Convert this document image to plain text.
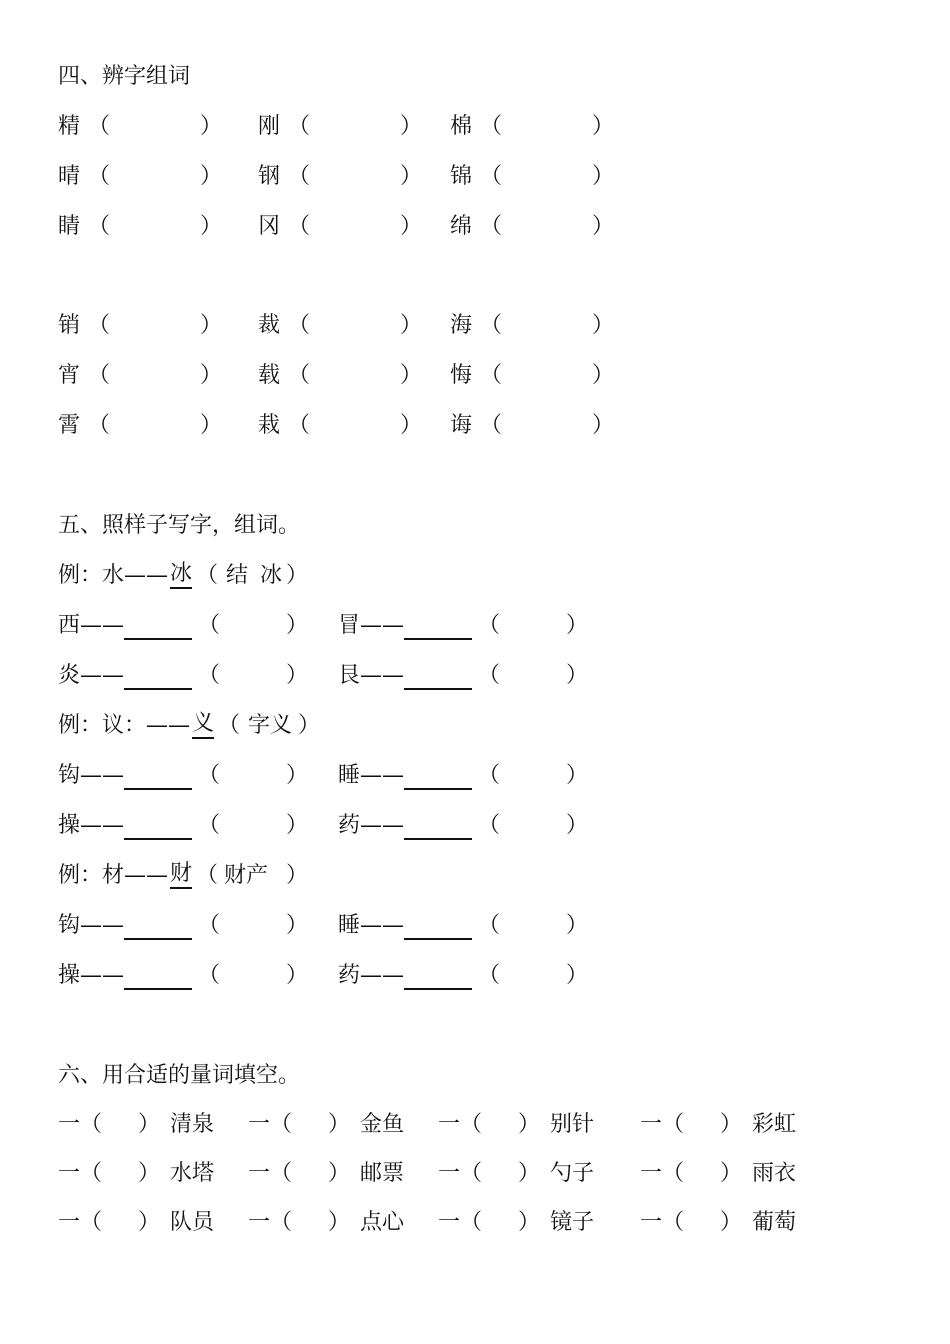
四、辨字组词
精 （	） 刚 （	） 棉 （	）
晴 （	） 钢 （	） 锦 （	）
睛 （	） 冈 （	） 绵 （	）
销 （	） 裁 （	） 海 （	）
宵 （	） 载 （	） 悔 （	）
霄 （	） 栽 （	） 诲 （	）
五、照样子写字，组词。
例：水—— 冰 （ 结 冰 ）
西——	（	） 冒——	（	）
炎——	（	） 艮——	（	）
例：议：—— 义 （ 字义 ）
钩——	（	） 睡——	（	）
操——	（	） 药——	（	）
例：材—— 财 （ 财产 ）
钩——	（	） 睡——	（	）
操——	（	） 药——	（	）
六、用合适的量词填空。
一 （ ） 清泉 一 （ ） 金鱼 一 （ ） 别针 一 （ ） 彩虹
一 （ ） 水塔 一 （ ） 邮票 一 （ ） 勺子 一 （ ） 雨衣
一 （ ） 队员 一 （ ） 点心 一 （ ） 镜子 一 （ ） 葡萄
